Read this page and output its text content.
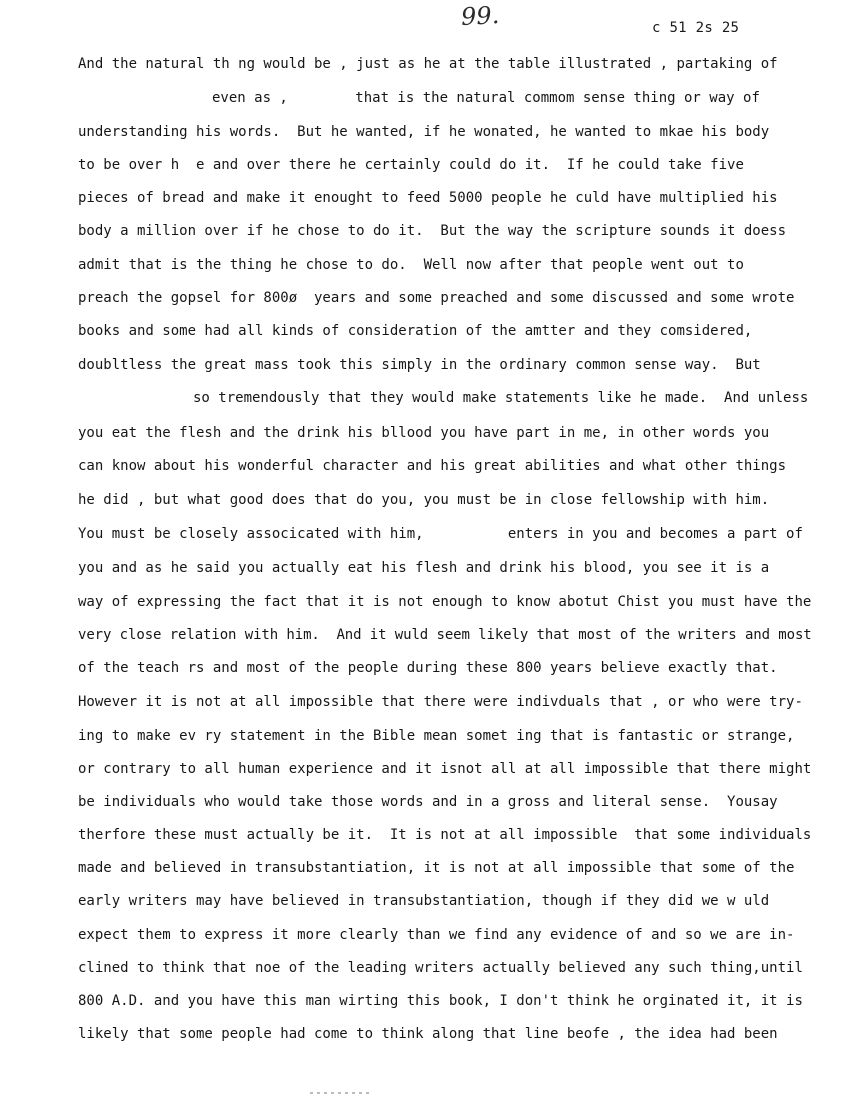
99.	c 51 2s 25
And the natural th ng would be , just as he at the table illustrated , partaking of
even as ,        that is the natural commom sense thing or way of
understanding his words.  But he wanted, if he wonated, he wanted to mkae his body
to be over h  e and over there he certainly could do it.  If he could take five
pieces of bread and make it enought to feed 5000 people he culd have multiplied his
body a million over if he chose to do it.  But the way the scripture sounds it doess
admit that is the thing he chose to do.  Well now after that people went out to
preach the gopsel for 800ø  years and some preached and some discussed and some wrote
books and some had all kinds of consideration of the amtter and they comsidered,
doubltless the great mass took this simply in the ordinary common sense way.  But
so tremendously that they would make statements like he made.  And unless
you eat the flesh and the drink his bllood you have part in me, in other words you
can know about his wonderful character and his great abilities and what other things
he did , but what good does that do you, you must be in close fellowship with him.
You must be closely associcated with him,          enters in you and becomes a part of
you and as he said you actually eat his flesh and drink his blood, you see it is a
way of expressing the fact that it is not enough to know abotut Chist you must have the
very close relation with him.  And it wuld seem likely that most of the writers and most
of the teach rs and most of the people during these 800 years believe exactly that.
However it is not at all impossible that there were indivduals that , or who were try-
ing to make ev ry statement in the Bible mean somet ing that is fantastic or strange,
or contrary to all human experience and it isnot all at all impossible that there might
be individuals who would take those words and in a gross and literal sense.  Yousay
therfore these must actually be it.  It is not at all impossible  that some individuals
made and believed in transubstantiation, it is not at all impossible that some of the
early writers may have believed in transubstantiation, though if they did we w uld
expect them to express it more clearly than we find any evidence of and so we are in-
clined to think that noe of the leading writers actually believed any such thing,until
800 A.D. and you have this man wirting this book, I don't think he orginated it, it is
likely that some people had come to think along that line beofe , the idea had been
